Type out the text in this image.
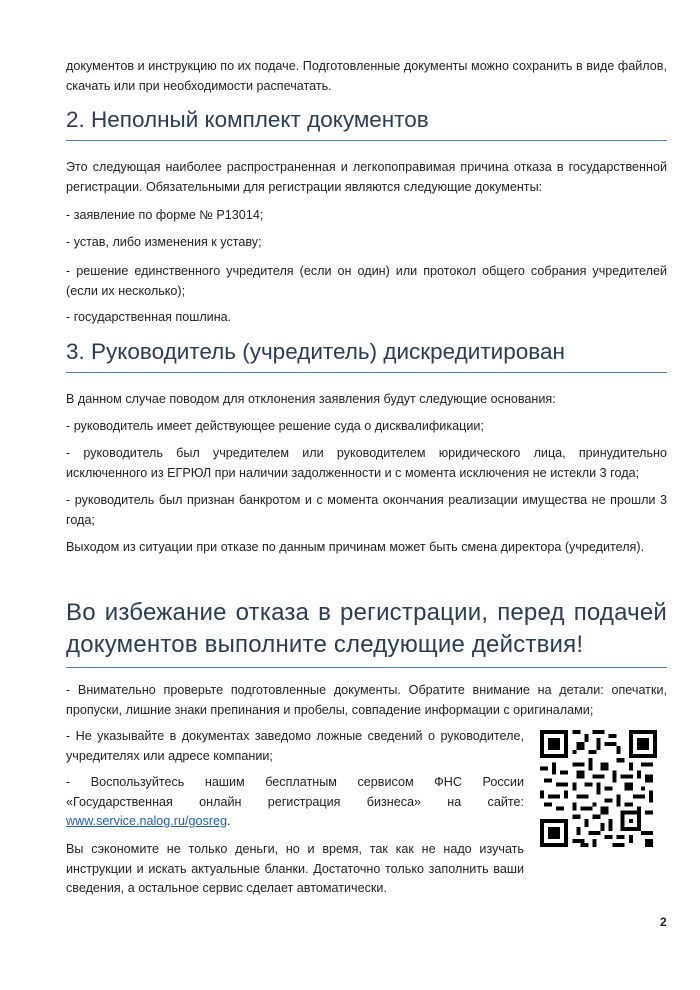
документов и инструкцию по их подаче. Подготовленные документы можно сохранить в виде файлов, скачать или при необходимости распечатать.

2. Неполный комплект документов

Это следующая наиболее распространенная и легкопоправимая причина отказа в государственной регистрации. Обязательными для регистрации являются следующие документы:

- заявление по форме № Р13014;

- устав, либо изменения к уставу;

- решение единственного учредителя (если он один) или протокол общего собрания учредителей (если их несколько);

- государственная пошлина.

3. Руководитель (учредитель) дискредитирован

В данном случае поводом для отклонения заявления будут следующие основания:

- руководитель имеет действующее решение суда о дисквалификации;

- руководитель был учредителем или руководителем юридического лица, принудительно исключенного из ЕГРЮЛ при наличии задолженности и с момента исключения не истекли 3 года;

- руководитель был признан банкротом и с момента окончания реализации имущества не прошли 3 года;

Выходом из ситуации при отказе по данным причинам может быть смена директора (учредителя).

Во избежание отказа в регистрации, перед подачей документов выполните следующие действия!

- Внимательно проверьте подготовленные документы. Обратите внимание на детали: опечатки, пропуски, лишние знаки препинания и пробелы, совпадение информации с оригиналами;

- Не указывайте в документах заведомо ложные сведений о руководителе, учредителях или адресе компании;

- Воспользуйтесь нашим бесплатным сервисом ФНС России «Государственная онлайн регистрация бизнеса» на сайте: www.service.nalog.ru/gosreg.

Вы сэкономите не только деньги, но и время, так как не надо изучать инструкции и искать актуальные бланки. Достаточно только заполнить ваши сведения, а остальное сервис сделает автоматически.

2
